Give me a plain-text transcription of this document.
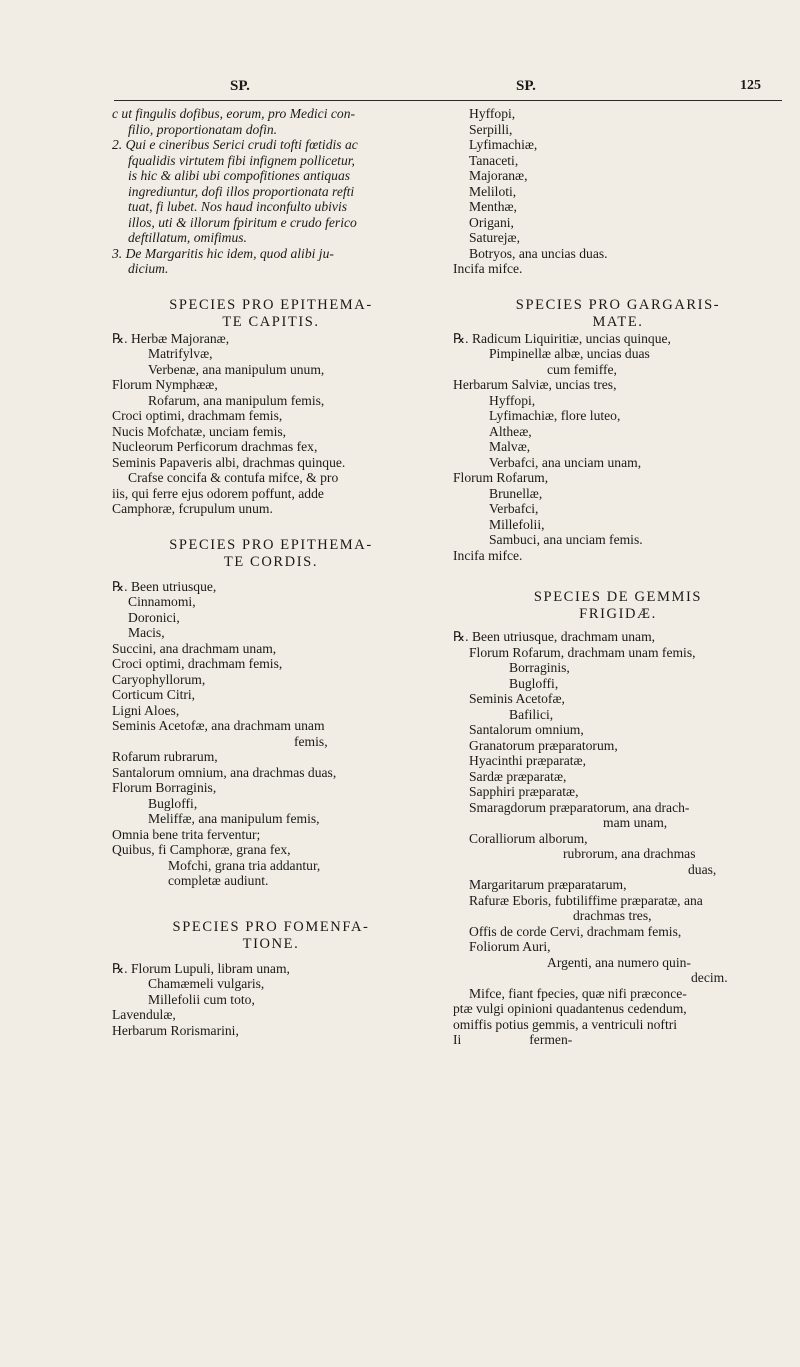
SP.	SP.	125
c ut fingulis dofibus, eorum, pro Medici con-
filio, proportionatam dofin.
2. Qui e cineribus Serici crudi tofti fœtidis ac
fqualidis virtutem fibi infignem pollicetur,
is hic & alibi ubi compofitiones antiquas
ingrediuntur, dofi illos proportionata refti
tuat, fi lubet. Nos haud inconfulto ubivis
illos, uti & illorum fpiritum e crudo ferico
deftillatum, omifimus.
3. De Margaritis hic idem, quod alibi ju-
dicium.
SPECIES PRO EPITHEMA-
TE CAPITIS.
℞. Herbæ Majoranæ,
Matrifylvæ,
Verbenæ, ana manipulum unum,
Florum Nymphææ,
Rofarum, ana manipulum femis,
Croci optimi, drachmam femis,
Nucis Mofchatæ, unciam femis,
Nucleorum Perficorum drachmas fex,
Seminis Papaveris albi, drachmas quinque.
Crafse concifa & contufa mifce, & pro
iis, qui ferre ejus odorem poffunt, adde
Camphoræ, fcrupulum unum.
SPECIES PRO EPITHEMA-
TE CORDIS.
℞. Been utriusque,
Cinnamomi,
Doronici,
Macis,
Succini, ana drachmam unam,
Croci optimi, drachmam femis,
Caryophyllorum,
Corticum Citri,
Ligni Aloes,
Seminis Acetofæ, ana drachmam unam
femis,
Rofarum rubrarum,
Santalorum omnium, ana drachmas duas,
Florum Borraginis,
Bugloffi,
Meliffæ, ana manipulum femis,
Omnia bene trita ferventur;
Quibus, fi Camphoræ, grana fex,
Mofchi, grana tria addantur,
completæ audiunt.
SPECIES PRO FOMENFA-
TIONE.
℞. Florum Lupuli, libram unam,
Chamæmeli vulgaris,
Millefolii cum toto,
Lavendulæ,
Herbarum Rorismarini,
Hyffopi,
Serpilli,
Lyfimachiæ,
Tanaceti,
Majoranæ,
Meliloti,
Menthæ,
Origani,
Saturejæ,
Botryos, ana uncias duas.
Incifa mifce.
SPECIES PRO GARGARIS-
MATE.
℞. Radicum Liquiritiæ, uncias quinque,
Pimpinellæ albæ, uncias duas
cum femiffe,
Herbarum Salviæ, uncias tres,
Hyffopi,
Lyfimachiæ, flore luteo,
Altheæ,
Malvæ,
Verbafci, ana unciam unam,
Florum Rofarum,
Brunellæ,
Verbafci,
Millefolii,
Sambuci, ana unciam femis.
Incifa mifce.
SPECIES DE GEMMIS
FRIGIDÆ.
℞. Been utriusque, drachmam unam,
Florum Rofarum, drachmam unam femis,
Borraginis,
Bugloffi,
Seminis Acetofæ,
Bafilici,
Santalorum omnium,
Granatorum præparatorum,
Hyacinthi præparatæ,
Sardæ præparatæ,
Sapphiri præparatæ,
Smaragdorum præparatorum, ana drach-
mam unam,
Coralliorum alborum,
rubrorum, ana drachmas
duas,
Margaritarum præparatarum,
Rafuræ Eboris, fubtiliffime præparatæ, ana
drachmas tres,
Offis de corde Cervi, drachmam femis,
Foliorum Auri,
Argenti, ana numero quin-
decim.
Mifce, fiant fpecies, quæ nifi præconce-
ptæ vulgi opinioni quadantenus cedendum,
omiffis potius gemmis, a ventriculi noftri
Ii                    fermen-
